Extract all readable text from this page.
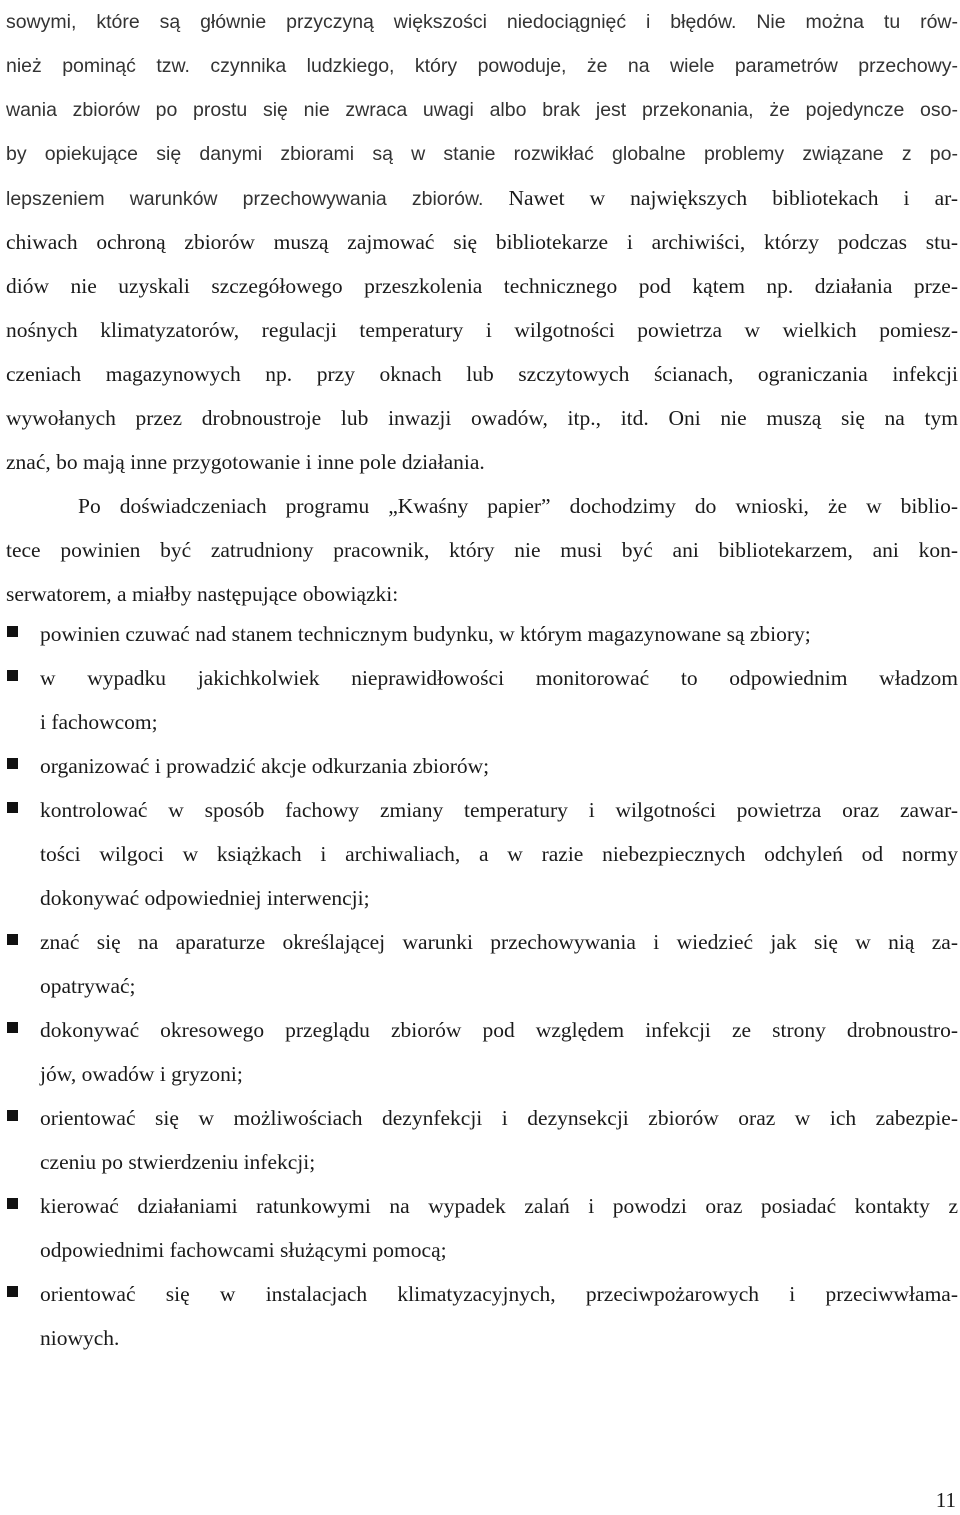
sowymi, które są głównie przyczyną większości niedociągnięć i błędów. Nie można tu rów-
nież pominąć tzw. czynnika ludzkiego, który powoduje, że na wiele parametrów przechowy-
wania zbiorów po prostu się nie zwraca uwagi albo brak jest przekonania, że pojedyncze oso-
by opiekujące się danymi zbiorami są w stanie rozwikłać globalne problemy związane z po-
lepszeniem warunków przechowywania zbiorów. Nawet w największych bibliotekach i ar-
chiwach ochroną zbiorów muszą zajmować się bibliotekarze i archiwiści, którzy podczas stu-
diów nie uzyskali szczegółowego przeszkolenia technicznego pod kątem np. działania prze-
nośnych klimatyzatorów, regulacji temperatury i wilgotności powietrza w wielkich pomiesz-
czeniach magazynowych np. przy oknach lub szczytowych ścianach, ograniczania infekcji
wywołanych przez drobnoustroje lub inwazji owadów, itp., itd. Oni nie muszą się na tym
znać, bo mają inne przygotowanie i inne pole działania.
Po doświadczeniach programu „Kwaśny papier” dochodzimy do wnioski, że w biblio-
tece powinien być zatrudniony pracownik, który nie musi być ani bibliotekarzem, ani kon-
serwatorem, a miałby następujące obowiązki:
powinien czuwać nad stanem technicznym budynku, w którym magazynowane są zbiory;
w wypadku jakichkolwiek nieprawidłowości monitorować to odpowiednim władzom
i fachowcom;
organizować i prowadzić akcje odkurzania zbiorów;
kontrolować w sposób fachowy zmiany temperatury i wilgotności powietrza oraz zawar-
tości wilgoci w książkach i archiwaliach, a w razie niebezpiecznych odchyleń od normy
dokonywać odpowiedniej interwencji;
znać się na aparaturze określającej warunki przechowywania i wiedzieć jak się w nią za-
opatrywać;
dokonywać okresowego przeglądu zbiorów pod względem infekcji ze strony drobnoustro-
jów, owadów i gryzoni;
orientować się w możliwościach dezynfekcji i dezynsekcji zbiorów oraz w ich zabezpie-
czeniu po stwierdzeniu infekcji;
kierować działaniami ratunkowymi na wypadek zalań i powodzi oraz posiadać kontakty z
odpowiednimi fachowcami służącymi pomocą;
orientować się w instalacjach klimatyzacyjnych, przeciwpożarowych i przeciwwłama-
niowych.
11
